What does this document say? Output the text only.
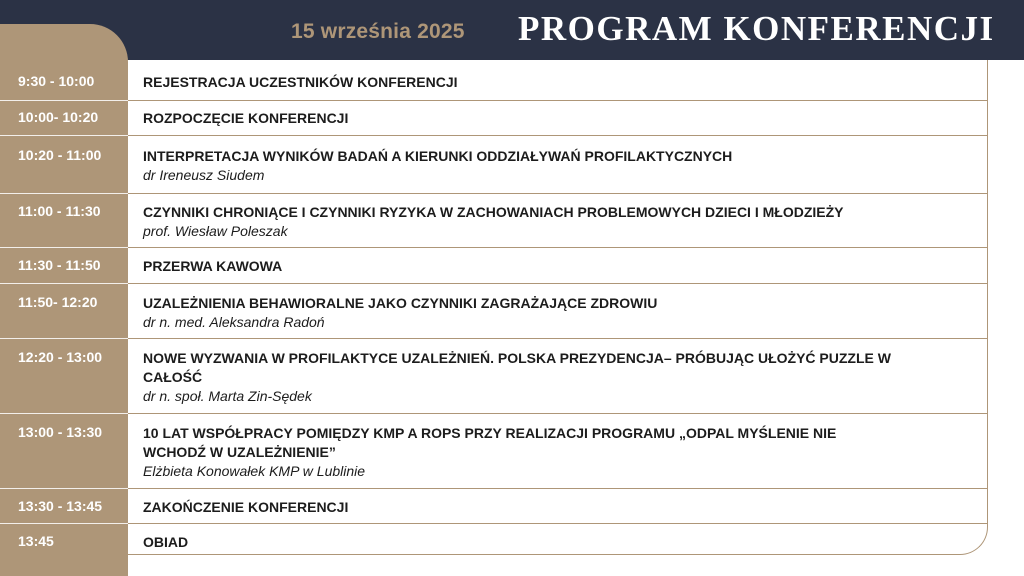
15 września 2025 PROGRAM KONFERENCJI
9:30 - 10:00	REJESTRACJA UCZESTNIKÓW KONFERENCJI
10:00- 10:20	ROZPOCZĘCIE KONFERENCJI
10:20 - 11:00	INTERPRETACJA WYNIKÓW BADAŃ A KIERUNKI ODDZIAŁYWAŃ PROFILAKTYCZNYCH
dr Ireneusz Siudem
11:00 - 11:30	CZYNNIKI CHRONIĄCE I CZYNNIKI RYZYKA W ZACHOWANIACH PROBLEMOWYCH DZIECI I MŁODZIEŻY
prof. Wiesław Poleszak
11:30 - 11:50	PRZERWA KAWOWA
11:50- 12:20	UZALEŻNIENIA BEHAWIORALNE JAKO CZYNNIKI ZAGRAŻAJĄCE ZDROWIU
dr n. med. Aleksandra Radoń
12:20 - 13:00	NOWE WYZWANIA W PROFILAKTYCE UZALEŻNIEŃ. POLSKA PREZYDENCJA– PRÓBUJĄC UŁOŻYĆ PUZZLE W CAŁOŚĆ
dr n. społ. Marta Zin-Sędek
13:00 - 13:30	10 LAT WSPÓŁPRACY POMIĘDZY KMP A ROPS PRZY REALIZACJI PROGRAMU „ODPAL MYŚLENIE NIE WCHODŹ W UZALEŻNIENIE”
Elżbieta Konowałek KMP w Lublinie
13:30 - 13:45	ZAKOŃCZENIE KONFERENCJI
13:45	OBIAD
